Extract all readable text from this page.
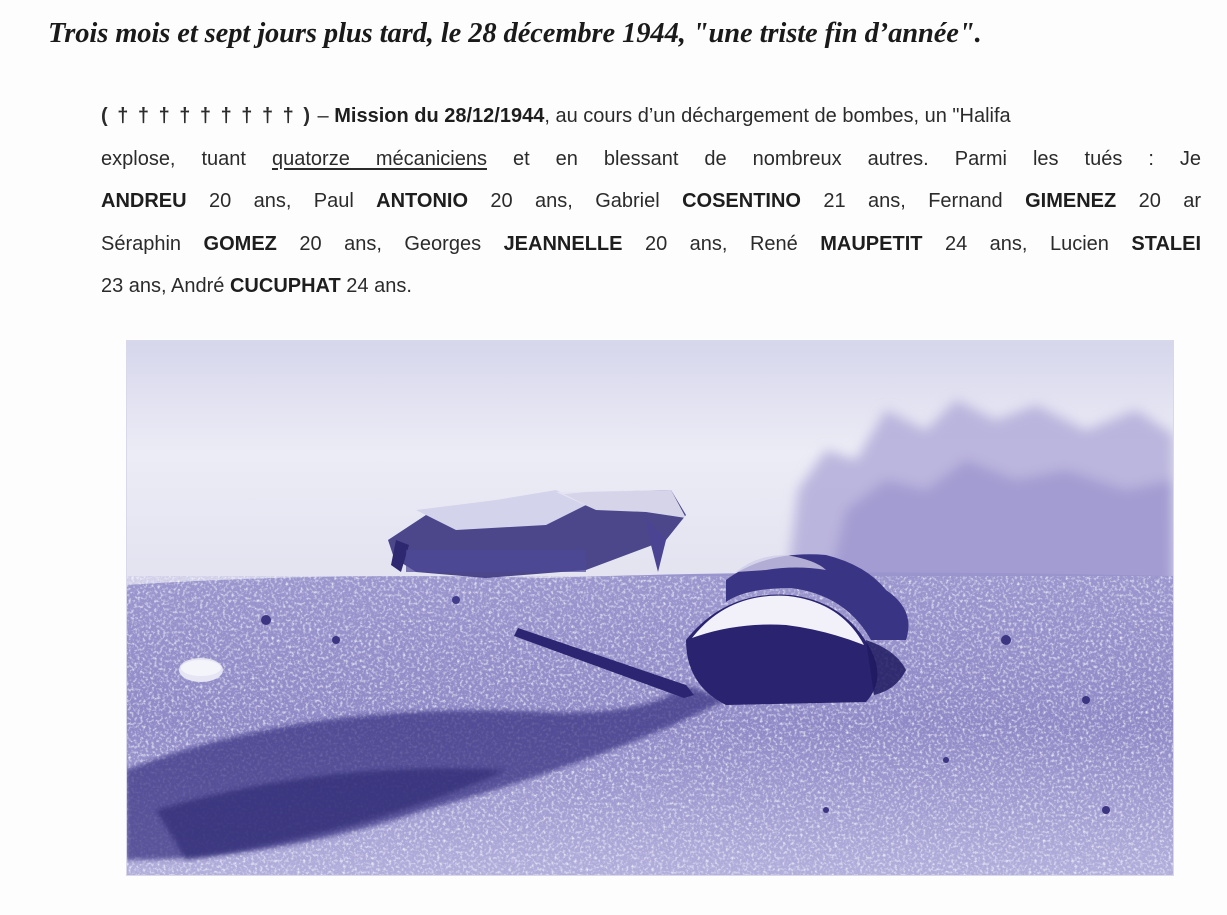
Trois mois et sept jours plus tard, le 28 décembre 1944, "une triste fin d’année".
( † † † † † † † † † ) – Mission du 28/12/1944, au cours d’un déchargement de bombes, un "Halifa
explose, tuant quatorze mécaniciens et en blessant de nombreux autres. Parmi les tués : Je
ANDREU 20 ans, Paul ANTONIO 20 ans, Gabriel COSENTINO 21 ans, Fernand GIMENEZ 20 ar
Séraphin GOMEZ 20 ans, Georges JEANNELLE 20 ans, René MAUPETIT 24 ans, Lucien STALEI
23 ans, André CUCUPHAT 24 ans.
